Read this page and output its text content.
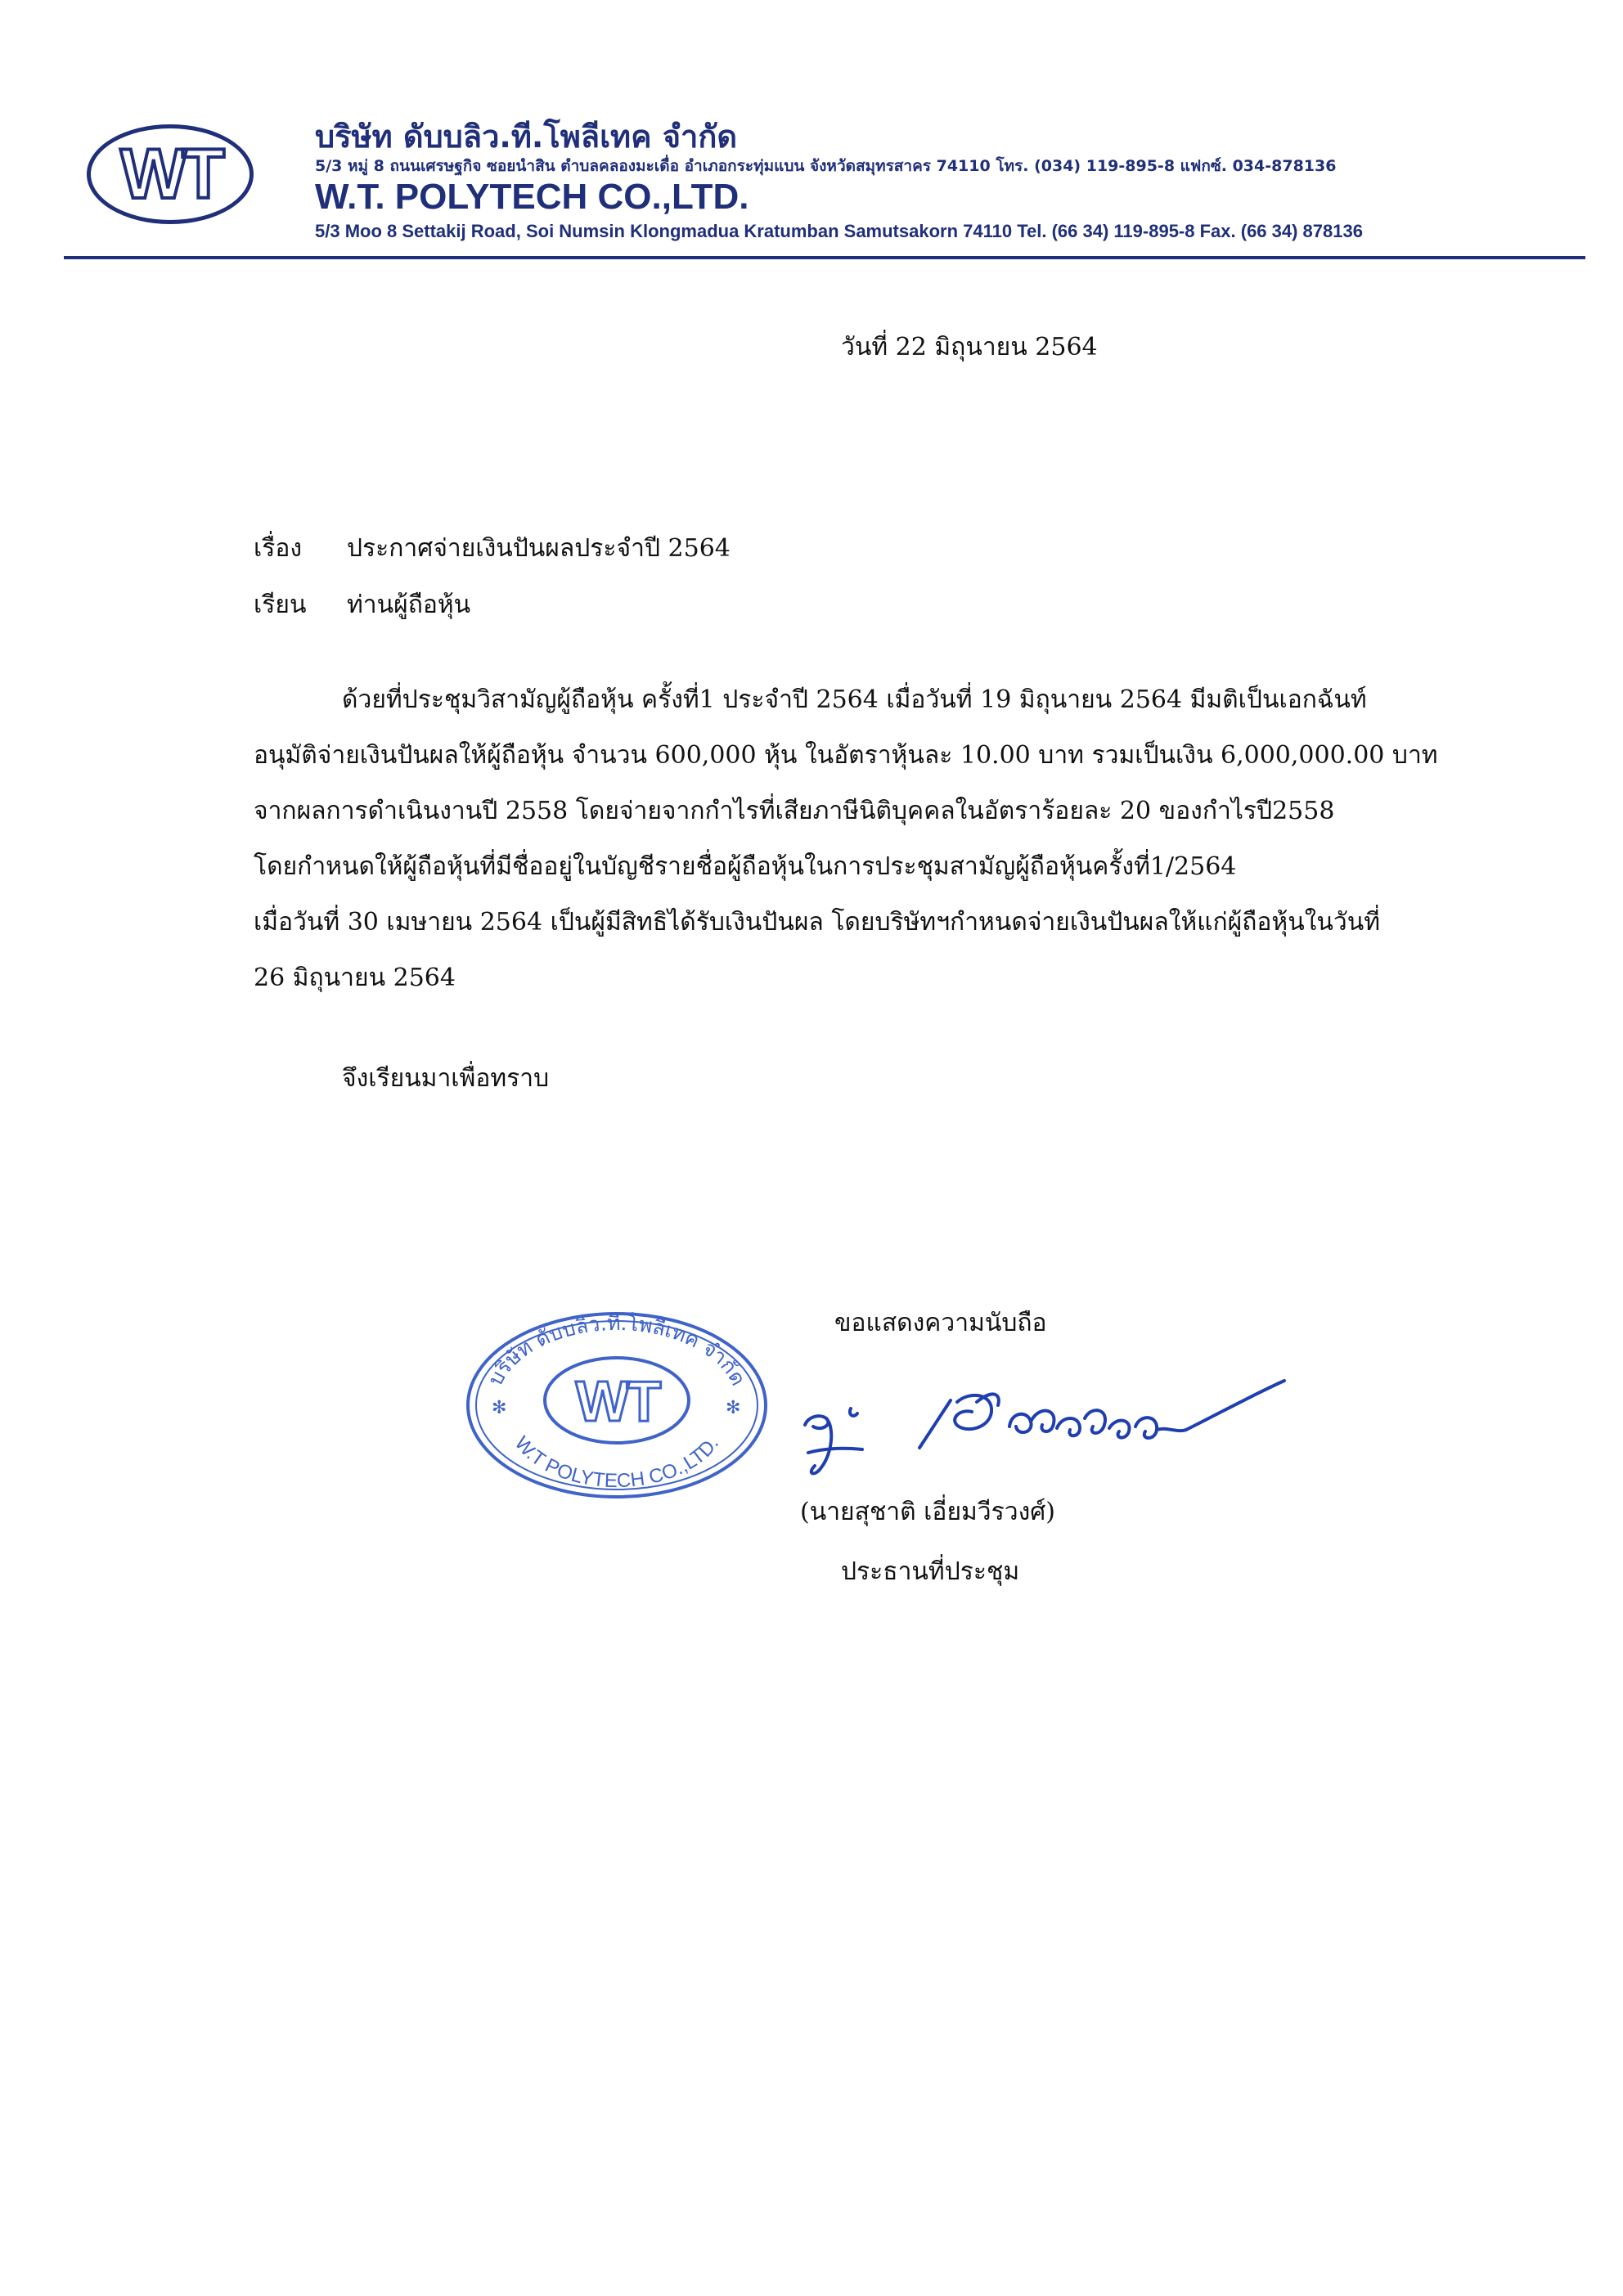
WT	บริษัท ดับบลิว.ที.โพลีเทค จำกัด
5/3 หมู่ 8 ถนนเศรษฐกิจ ซอยนำสิน ตำบลคลองมะเดื่อ อำเภอกระทุ่มแบน จังหวัดสมุทรสาคร 74110 โทร. (034) 119-895-8 แฟกซ์. 034-878136
W.T. POLYTECH CO.,LTD.
5/3 Moo 8 Settakij Road, Soi Numsin Klongmadua Kratumban Samutsakorn 74110 Tel. (66 34) 119-895-8 Fax. (66 34) 878136
วันที่ 22 มิถุนายน 2564
เรื่อง ประกาศจ่ายเงินปันผลประจำปี 2564
เรียน ท่านผู้ถือหุ้น
ด้วยที่ประชุมวิสามัญผู้ถือหุ้น ครั้งที่1 ประจำปี 2564 เมื่อวันที่ 19 มิถุนายน 2564 มีมติเป็นเอกฉันท์
อนุมัติจ่ายเงินปันผลให้ผู้ถือหุ้น จำนวน 600,000 หุ้น ในอัตราหุ้นละ 10.00 บาท รวมเป็นเงิน 6,000,000.00 บาท
จากผลการดำเนินงานปี 2558 โดยจ่ายจากกำไรที่เสียภาษีนิติบุคคลในอัตราร้อยละ 20 ของกำไรปี2558
โดยกำหนดให้ผู้ถือหุ้นที่มีชื่ออยู่ในบัญชีรายชื่อผู้ถือหุ้นในการประชุมสามัญผู้ถือหุ้นครั้งที่1/2564
เมื่อวันที่ 30 เมษายน 2564 เป็นผู้มีสิทธิได้รับเงินปันผล โดยบริษัทฯกำหนดจ่ายเงินปันผลให้แก่ผู้ถือหุ้นในวันที่
26 มิถุนายน 2564
จึงเรียนมาเพื่อทราบ
ขอแสดงความนับถือ
บริษัท ดับบลิว.ที.โพลีเทค จำกัด
W.T POLYTECH CO.,LTD.
WT
✻	✻
(นายสุชาติ เอี่ยมวีรวงศ์)
ประธานที่ประชุม
